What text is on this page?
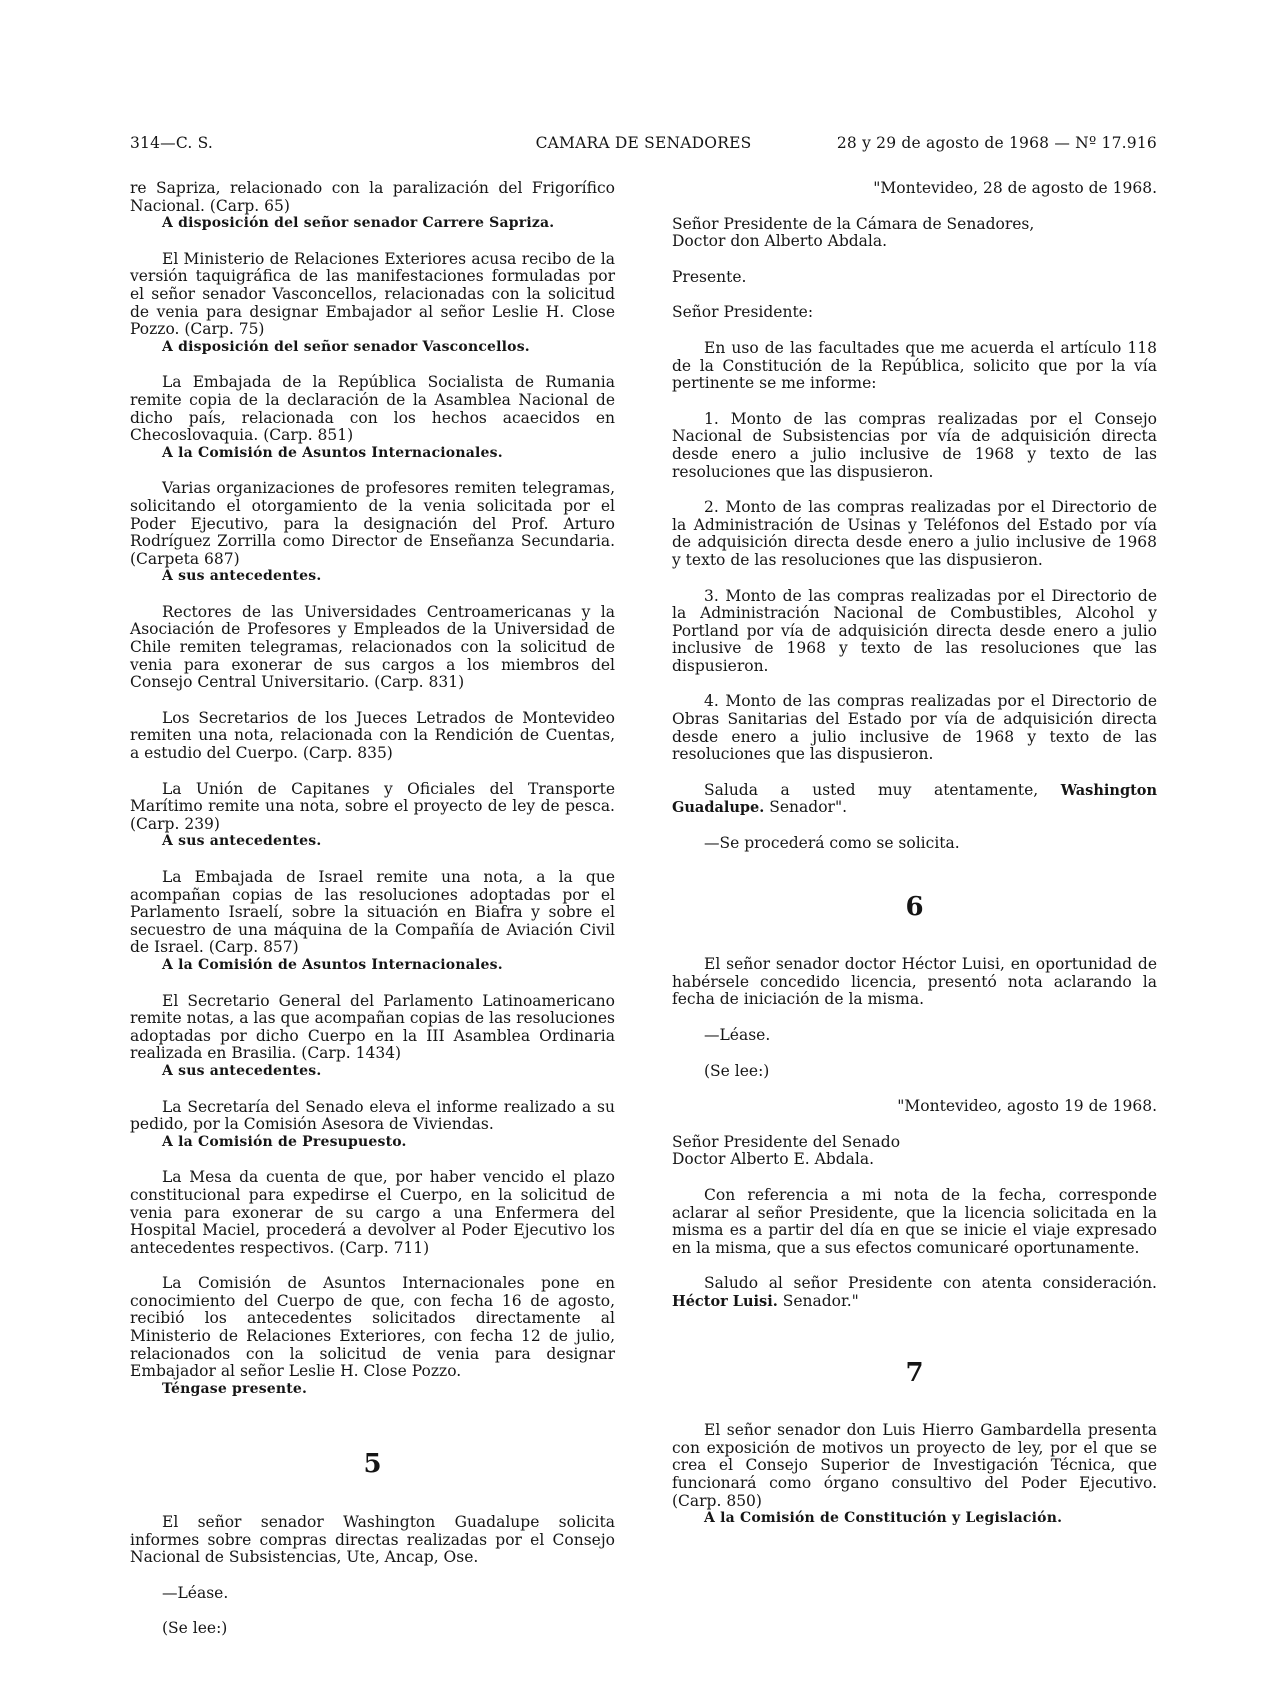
314—C. S.	CAMARA DE SENADORES	28 y 29 de agosto de 1968 — Nº 17.916

re Sapriza, relacionado con la paralización del Frigorífico Nacional. (Carp. 65)

A disposición del señor senador Carrere Sapriza.

El Ministerio de Relaciones Exteriores acusa recibo de la versión taquigráfica de las manifestaciones formuladas por el señor senador Vasconcellos, relacionadas con la solicitud de venia para designar Embajador al señor Leslie H. Close Pozzo. (Carp. 75)

A disposición del señor senador Vasconcellos.

La Embajada de la República Socialista de Rumania remite copia de la declaración de la Asamblea Nacional de dicho país, relacionada con los hechos acaecidos en Checoslovaquia. (Carp. 851)

A la Comisión de Asuntos Internacionales.

Varias organizaciones de profesores remiten telegramas, solicitando el otorgamiento de la venia solicitada por el Poder Ejecutivo, para la designación del Prof. Arturo Rodríguez Zorrilla como Director de Enseñanza Secundaria. (Carpeta 687)

A sus antecedentes.

Rectores de las Universidades Centroamericanas y la Asociación de Profesores y Empleados de la Universidad de Chile remiten telegramas, relacionados con la solicitud de venia para exonerar de sus cargos a los miembros del Consejo Central Universitario. (Carp. 831)

Los Secretarios de los Jueces Letrados de Montevideo remiten una nota, relacionada con la Rendición de Cuentas, a estudio del Cuerpo. (Carp. 835)

La Unión de Capitanes y Oficiales del Transporte Marítimo remite una nota, sobre el proyecto de ley de pesca. (Carp. 239)

A sus antecedentes.

La Embajada de Israel remite una nota, a la que acompañan copias de las resoluciones adoptadas por el Parlamento Israelí, sobre la situación en Biafra y sobre el secuestro de una máquina de la Compañía de Aviación Civil de Israel. (Carp. 857)

A la Comisión de Asuntos Internacionales.

El Secretario General del Parlamento Latinoamericano remite notas, a las que acompañan copias de las resoluciones adoptadas por dicho Cuerpo en la III Asamblea Ordinaria realizada en Brasilia. (Carp. 1434)

A sus antecedentes.

La Secretaría del Senado eleva el informe realizado a su pedido, por la Comisión Asesora de Viviendas.

A la Comisión de Presupuesto.

La Mesa da cuenta de que, por haber vencido el plazo constitucional para expedirse el Cuerpo, en la solicitud de venia para exonerar de su cargo a una Enfermera del Hospital Maciel, procederá a devolver al Poder Ejecutivo los antecedentes respectivos. (Carp. 711)

La Comisión de Asuntos Internacionales pone en conocimiento del Cuerpo de que, con fecha 16 de agosto, recibió los antecedentes solicitados directamente al Ministerio de Relaciones Exteriores, con fecha 12 de julio, relacionados con la solicitud de venia para designar Embajador al señor Leslie H. Close Pozzo.

Téngase presente.

5

El señor senador Washington Guadalupe solicita informes sobre compras directas realizadas por el Consejo Nacional de Subsistencias, Ute, Ancap, Ose.

—Léase.

(Se lee:)

"Montevideo, 28 de agosto de 1968.

Señor Presidente de la Cámara de Senadores,

Doctor don Alberto Abdala.

Presente.

Señor Presidente:

En uso de las facultades que me acuerda el artículo 118 de la Constitución de la República, solicito que por la vía pertinente se me informe:

1. Monto de las compras realizadas por el Consejo Nacional de Subsistencias por vía de adquisición directa desde enero a julio inclusive de 1968 y texto de las resoluciones que las dispusieron.

2. Monto de las compras realizadas por el Directorio de la Administración de Usinas y Teléfonos del Estado por vía de adquisición directa desde enero a julio inclusive de 1968 y texto de las resoluciones que las dispusieron.

3. Monto de las compras realizadas por el Directorio de la Administración Nacional de Combustibles, Alcohol y Portland por vía de adquisición directa desde enero a julio inclusive de 1968 y texto de las resoluciones que las dispusieron.

4. Monto de las compras realizadas por el Directorio de Obras Sanitarias del Estado por vía de adquisición directa desde enero a julio inclusive de 1968 y texto de las resoluciones que las dispusieron.

Saluda a usted muy atentamente, Washington Guadalupe. Senador".

—Se procederá como se solicita.

6

El señor senador doctor Héctor Luisi, en oportunidad de habérsele concedido licencia, presentó nota aclarando la fecha de iniciación de la misma.

—Léase.

(Se lee:)

"Montevideo, agosto 19 de 1968.

Señor Presidente del Senado

Doctor Alberto E. Abdala.

Con referencia a mi nota de la fecha, corresponde aclarar al señor Presidente, que la licencia solicitada en la misma es a partir del día en que se inicie el viaje expresado en la misma, que a sus efectos comunicaré oportunamente.

Saludo al señor Presidente con atenta consideración. Héctor Luisi. Senador."

7

El señor senador don Luis Hierro Gambardella presenta con exposición de motivos un proyecto de ley, por el que se crea el Consejo Superior de Investigación Técnica, que funcionará como órgano consultivo del Poder Ejecutivo. (Carp. 850)

A la Comisión de Constitución y Legislación.
